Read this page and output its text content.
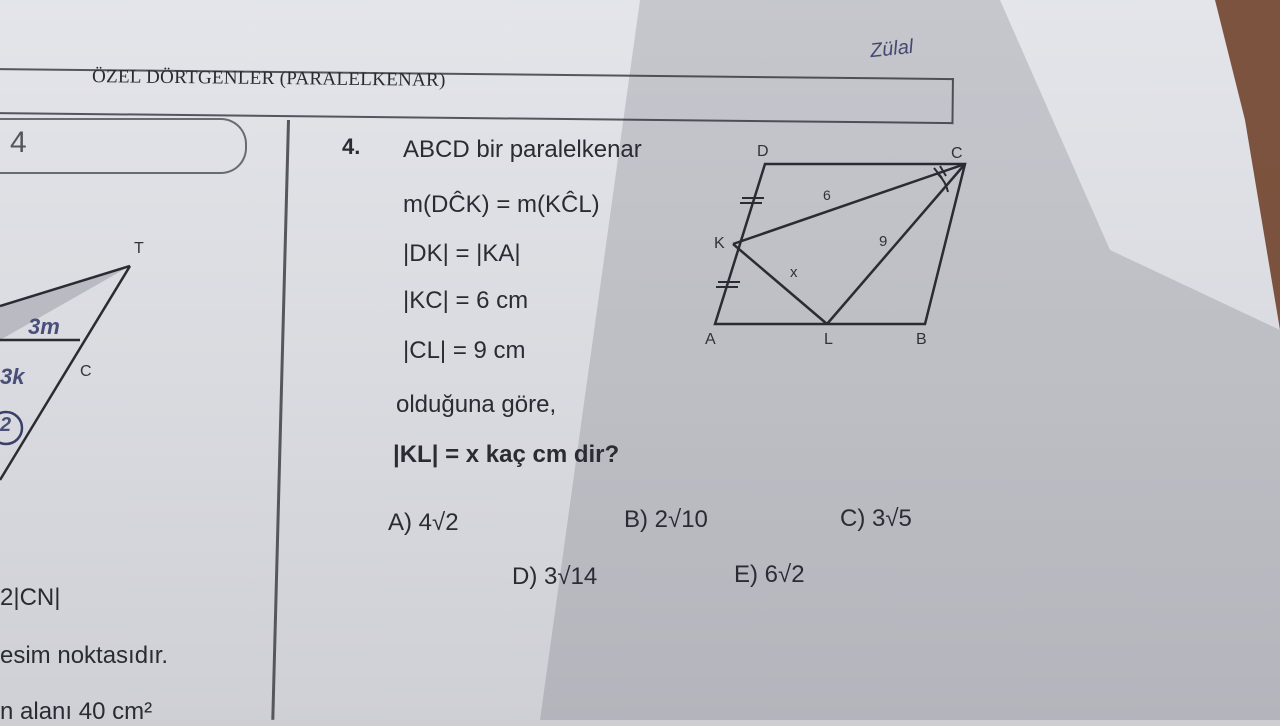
ÖZEL DÖRTGENLER (PARALELKENAR)
Zülal
4
T
C
3m
3k
2
2|CN|
esim noktasıdır.
n alanı 40 cm²
4. ABCD bir paralelkenar
m(DĈK) = m(KĈL)
|DK| = |KA|
|KC| = 6 cm
|CL| = 9 cm
olduğuna göre,
|KL| = x kaç cm dir?
D	C
K
A	L	B
6
9
x
A) 4√2	B) 2√10	C) 3√5
D) 3√14	E) 6√2
